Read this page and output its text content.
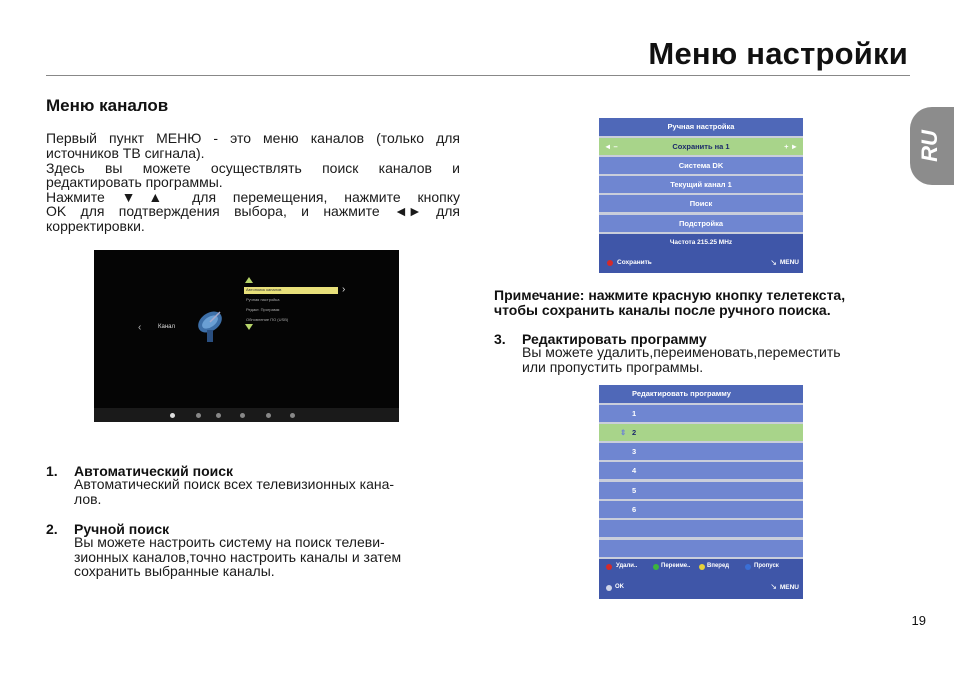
Меню настройки
RU
Меню каналов
Первый пункт МЕНЮ - это меню каналов (только для
источников ТВ сигнала).
Здесь вы можете осуществлять поиск каналов и
редактировать программы.
Нажмите ▼▲ для перемещения, нажмите кнопку
OK для подтверждения выбора, и нажмите ◄► для
корректировки.
‹	Канал
Автопоиск каналов	›
Ручная настройка
Редакт. Программ
Обновление ПО (USB)
1. Автоматический поиск
Автоматический поиск всех телевизионных кана-
лов.
2. Ручной поиск
Вы можете настроить систему на поиск телеви-
зионных каналов,точно настроить каналы и затем
сохранить выбранные каналы.
Ручная настройка
◄ –	Сохранить на 1	+ ►
Система DK
Текущий канал 1
Поиск
Подстройка
Частота 215.25 MHz
Сохранить	↘ MENU
Примечание: нажмите красную кнопку телетекста,
чтобы сохранить каналы после ручного поиска.
3. Редактировать программу
Вы можете удалить,переименовать,переместить
или пропустить программы.
Редактировать программу
1
⇕ 2
3
4
5
6
Удали..	Переиме..	Вперед	Пропуск
OK	↘ MENU
19
